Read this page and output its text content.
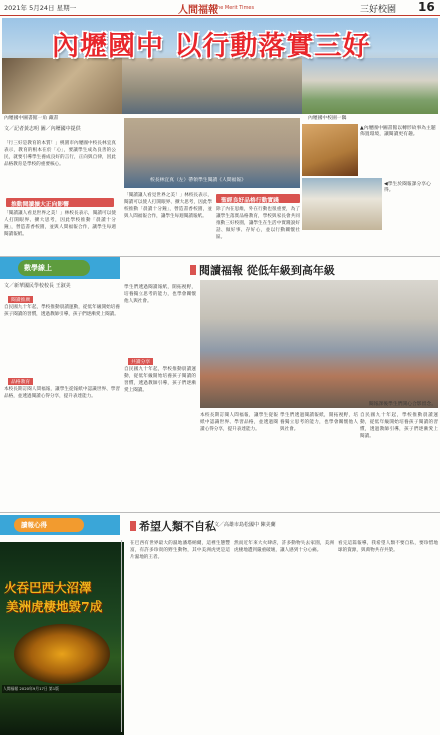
2021年 5月24日 星期一	人間福報
The Merit Times	三好校園 16
內壢國中 以行動落實三好
內壢國中圖書館一角 藏書	內壢國中校園一隅
文／記者黃志明 圖／內壢國中提供
「行三好是教育的本質！」桃園市內壢國中校長林宜真表示，教育的根本在於「心」，要讓學生成為良善的公民，就要引導學生養成良好的言行，正向與自律，因此品格教育是學校的重要核心。
推動閱讀擴大正向影響
「閱讀讓人看見世界之美！」林校長表示，閱讀可以使人打開眼界、擴大思考，因此學校推動「晨讀十分鐘」，營造書香校園，並與人間福報合作，讓學生每週閱讀報紙。
校長林宜真（左）帶領學生閱讀《人間福報》
「閱讀讓人看見世界之美！」林校長表示，閱讀可以使人打開眼界、擴大思考，因此學校推動「晨讀十分鐘」，營造書香校園，並與人間福報合作，讓學生每週閱讀報紙。
聖經良好品格行動實踐
除了內在思維，外在行動也很重要，為了讓學生落實品格教育，學校與家長會共同推動三好校園，讓學生在生活中實踐說好話、做好事、存好心，並以行動關懷社區。
▲內壢國中圖書館以轉形故事為主題佈置環境，讓閱讀更有趣。
◀學生於閱報課分享心得。
數學線上	閱讀福報 從低年級到高年級
文／新華國民學校校長 王淑美
閱讀推廣
自民國九十年起，學校推動晨讀運動，從低年級開始培養孩子閱讀的習慣，透過教師引導，孩子們逐漸愛上閱讀。
品格教育
本校長期訂閱人間福報，讓學生從報紙中認識世界、學習品格，並透過閱讀心得分享，提升表達能力。
學生們透過閱讀報紙，開拓視野，培養獨立思考的能力，也學會關懷他人與社會。
共讀分享
自民國九十年起，學校推動晨讀運動，從低年級開始培養孩子閱讀的習慣，透過教師引導，孩子們逐漸愛上閱讀。
閱報課後學生們開心合影留念。
本校長期訂閱人間福報，讓學生從報紙中認識世界、學習品格，並透過閱讀心得分享，提升表達能力。
學生們透過閱讀報紙，開拓視野，培養獨立思考的能力，也學會關懷他人與社會。
自民國九十年起，學校推動晨讀運動，從低年級開始培養孩子閱讀的習慣，透過教師引導，孩子們逐漸愛上閱讀。
讀報心得	希望人類不自私
火吞巴西大沼澤
美洲虎棲地毀7成
人間福報 2020年9月17日 第1版
文／高雄市島松國中 陳美蘭
在巴西有世界最大的濕地潘塔納爾，這裡生態豐富，有許多珍貴的野生動物，其中美洲虎更是這片濕地的王者。
然而近年來大火肆虐，許多動物失去家園，美洲虎棲地遭到嚴重破壞，讓人感到十分心痛。
看完這篇報導，我希望人類不要自私，要珍惜地球的資源，與萬物共存共榮。
